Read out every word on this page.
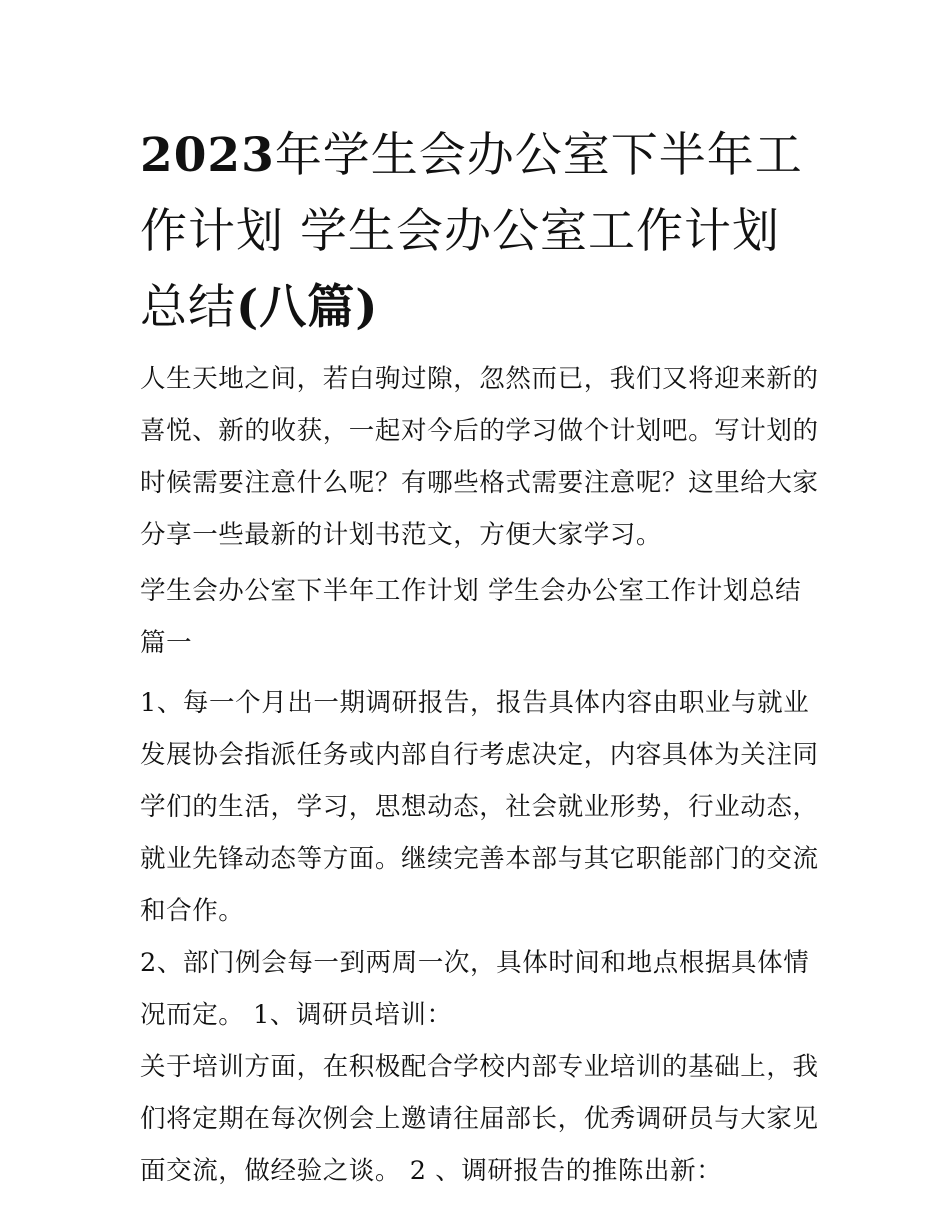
2023年学生会办公室下半年工
作计划 学生会办公室工作计划
总结(八篇)

人生天地之间，若白驹过隙，忽然而已，我们又将迎来新的喜悦、新的收获，一起对今后的学习做个计划吧。写计划的时候需要注意什么呢？有哪些格式需要注意呢？这里给大家分享一些最新的计划书范文，方便大家学习。

学生会办公室下半年工作计划 学生会办公室工作计划总结篇一

1、每一个月出一期调研报告，报告具体内容由职业与就业发展协会指派任务或内部自行考虑决定，内容具体为关注同学们的生活，学习，思想动态，社会就业形势，行业动态，就业先锋动态等方面。继续完善本部与其它职能部门的交流和合作。

2、部门例会每一到两周一次，具体时间和地点根据具体情况而定。 1、调研员培训：

关于培训方面，在积极配合学校内部专业培训的基础上，我们将定期在每次例会上邀请往届部长，优秀调研员与大家见面交流，做经验之谈。 2 、调研报告的推陈出新：
